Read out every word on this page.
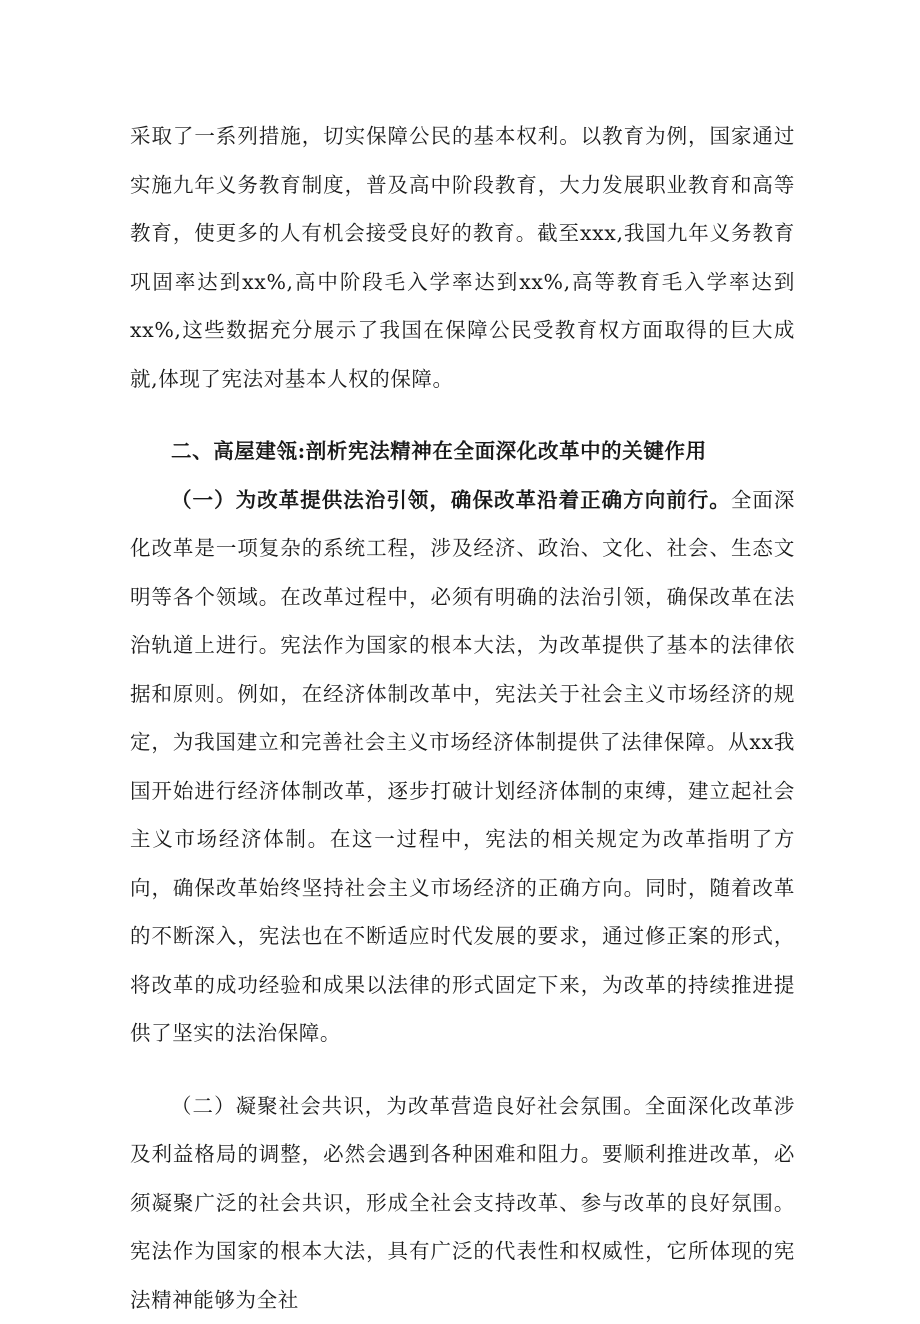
采取了一系列措施，切实保障公民的基本权利。以教育为例，国家通过实施九年义务教育制度，普及高中阶段教育，大力发展职业教育和高等教育，使更多的人有机会接受良好的教育。截至xxx,我国九年义务教育巩固率达到xx%,高中阶段毛入学率达到xx%,高等教育毛入学率达到xx%,这些数据充分展示了我国在保障公民受教育权方面取得的巨大成就,体现了宪法对基本人权的保障。

二、高屋建瓴:剖析宪法精神在全面深化改革中的关键作用

（一）为改革提供法治引领，确保改革沿着正确方向前行。全面深化改革是一项复杂的系统工程，涉及经济、政治、文化、社会、生态文明等各个领域。在改革过程中，必须有明确的法治引领，确保改革在法治轨道上进行。宪法作为国家的根本大法，为改革提供了基本的法律依据和原则。例如，在经济体制改革中，宪法关于社会主义市场经济的规定，为我国建立和完善社会主义市场经济体制提供了法律保障。从xx我国开始进行经济体制改革，逐步打破计划经济体制的束缚，建立起社会主义市场经济体制。在这一过程中，宪法的相关规定为改革指明了方向，确保改革始终坚持社会主义市场经济的正确方向。同时，随着改革的不断深入，宪法也在不断适应时代发展的要求，通过修正案的形式，将改革的成功经验和成果以法律的形式固定下来，为改革的持续推进提供了坚实的法治保障。

（二）凝聚社会共识，为改革营造良好社会氛围。全面深化改革涉及利益格局的调整，必然会遇到各种困难和阻力。要顺利推进改革，必须凝聚广泛的社会共识，形成全社会支持改革、参与改革的良好氛围。宪法作为国家的根本大法，具有广泛的代表性和权威性，它所体现的宪法精神能够为全社
